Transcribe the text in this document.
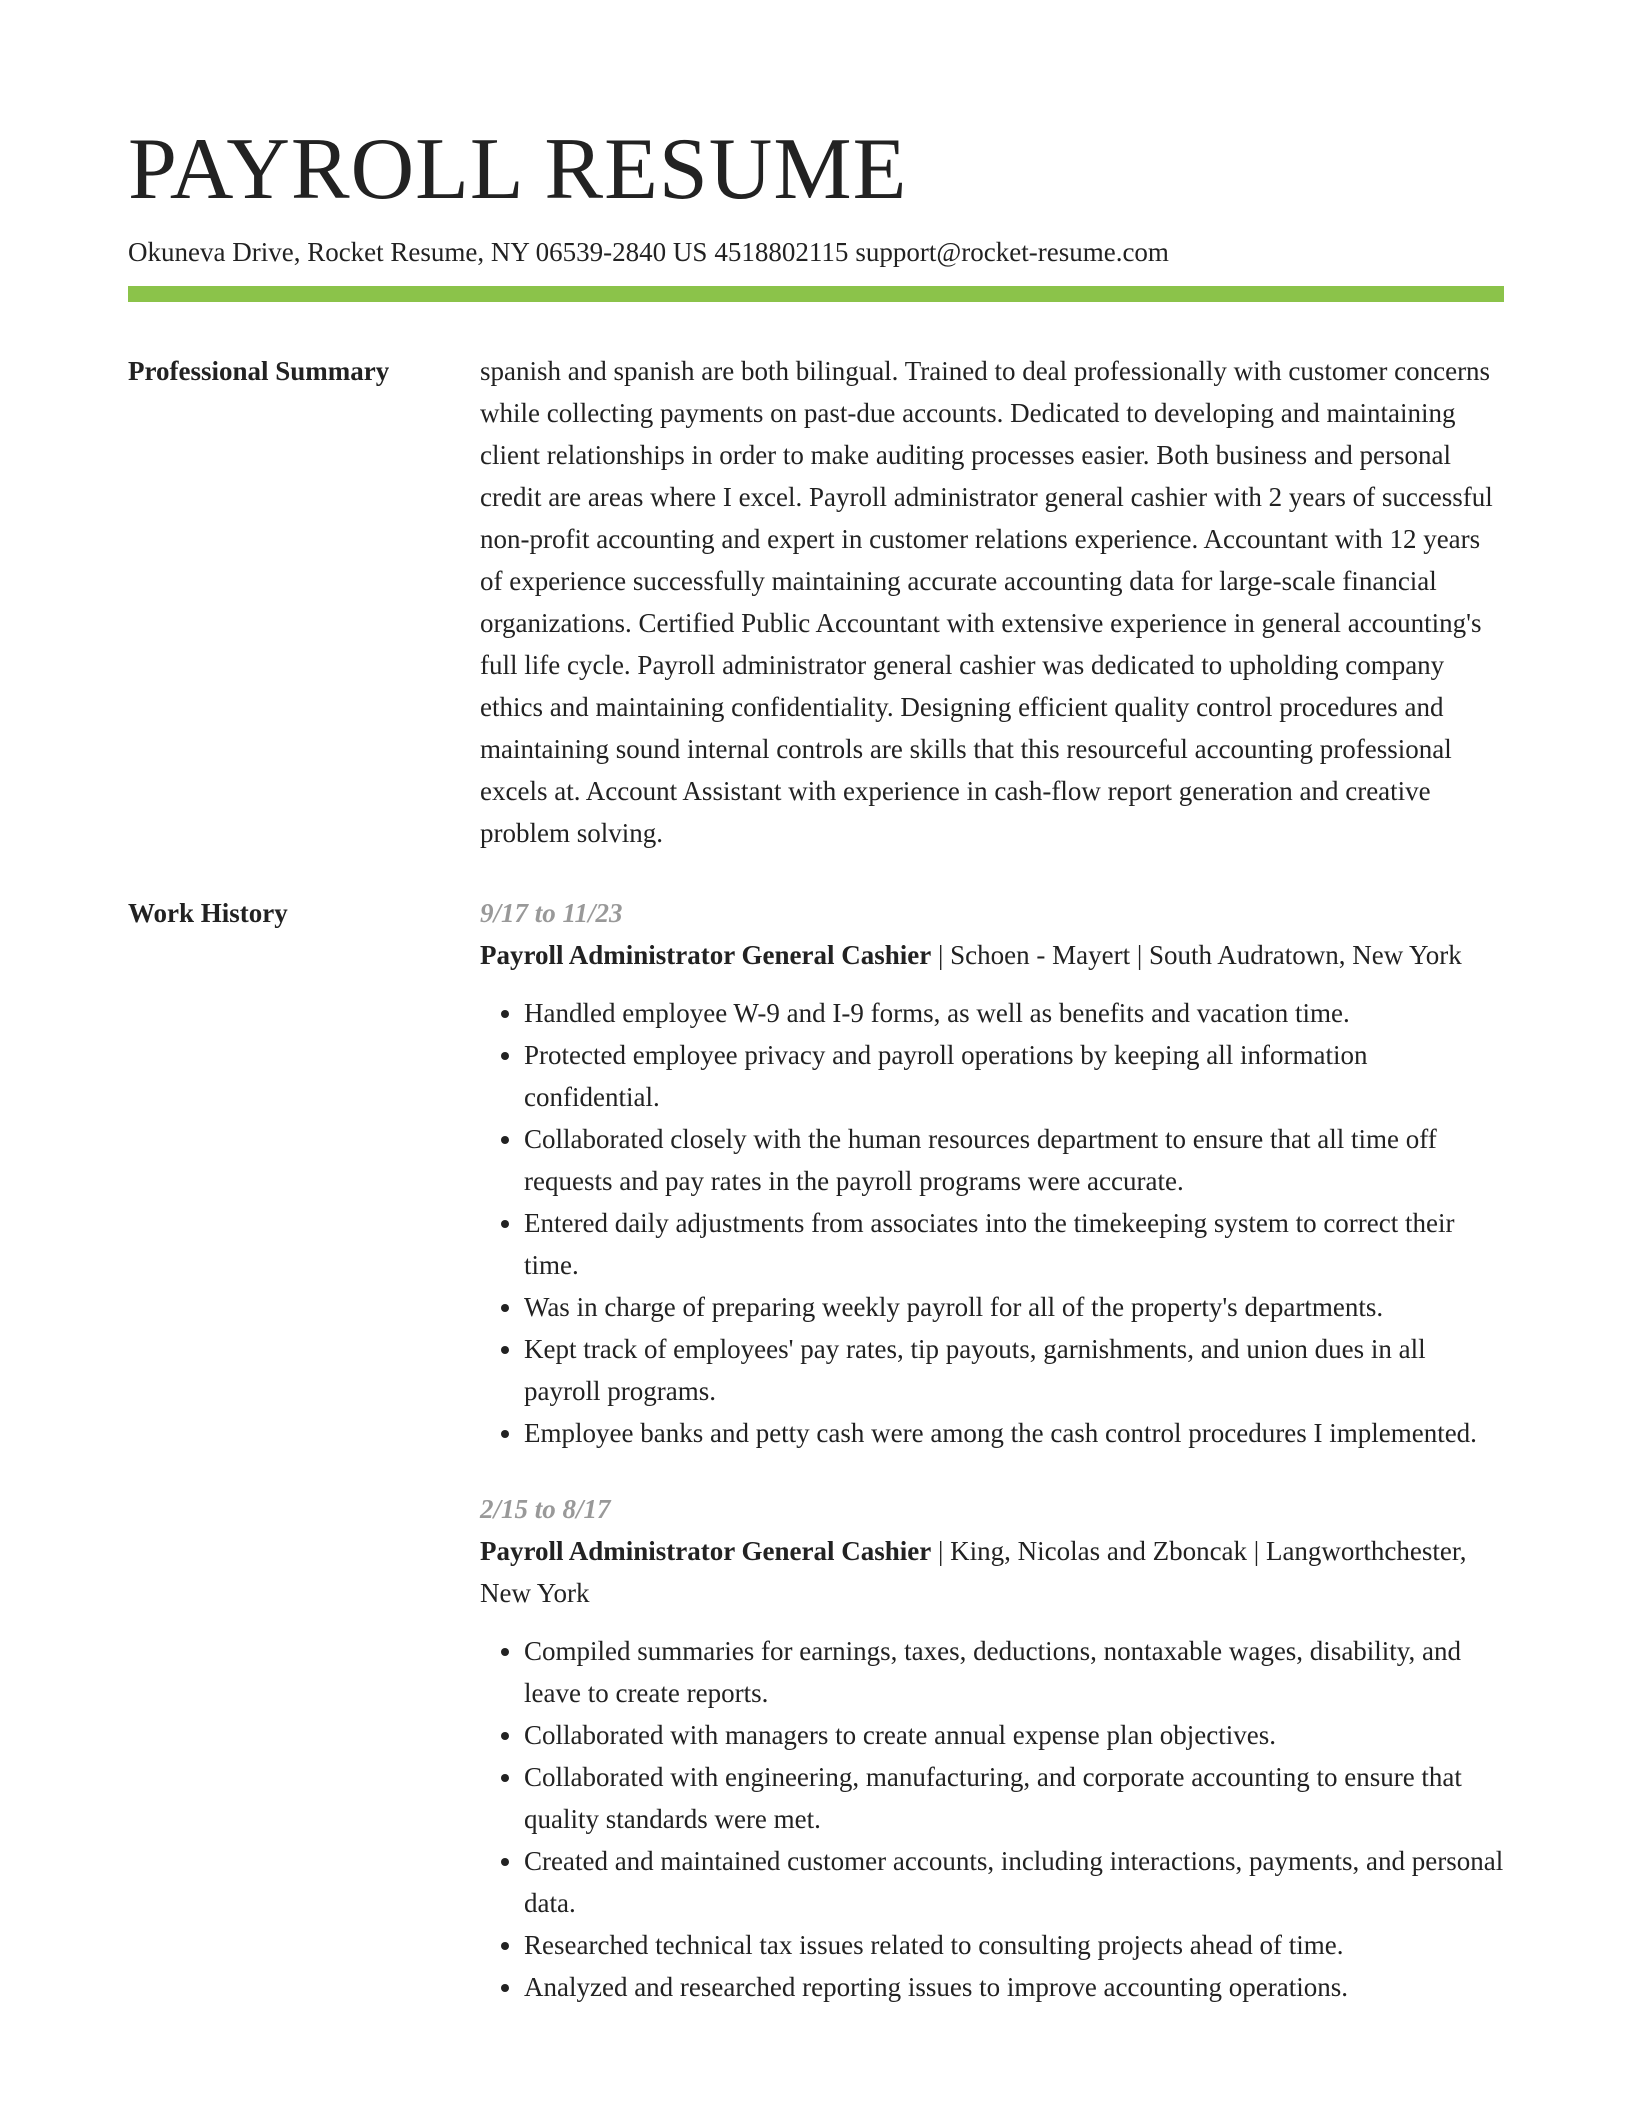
PAYROLL RESUME
Okuneva Drive, Rocket Resume, NY 06539-2840 US 4518802115 support@rocket-resume.com
Professional Summary	spanish and spanish are both bilingual. Trained to deal professionally with customer concerns while collecting payments on past-due accounts. Dedicated to developing and maintaining client relationships in order to make auditing processes easier. Both business and personal credit are areas where I excel. Payroll administrator general cashier with 2 years of successful non-profit accounting and expert in customer relations experience. Accountant with 12 years of experience successfully maintaining accurate accounting data for large-scale financial organizations. Certified Public Accountant with extensive experience in general accounting's full life cycle. Payroll administrator general cashier was dedicated to upholding company ethics and maintaining confidentiality. Designing efficient quality control procedures and maintaining sound internal controls are skills that this resourceful accounting professional excels at. Account Assistant with experience in cash-flow report generation and creative problem solving.

Work History	9/17 to 11/23

Payroll Administrator General Cashier | Schoen - Mayert | South Audratown, New York

• Handled employee W-9 and I-9 forms, as well as benefits and vacation time.
• Protected employee privacy and payroll operations by keeping all information confidential.
• Collaborated closely with the human resources department to ensure that all time off requests and pay rates in the payroll programs were accurate.
• Entered daily adjustments from associates into the timekeeping system to correct their time.
• Was in charge of preparing weekly payroll for all of the property's departments.
• Kept track of employees' pay rates, tip payouts, garnishments, and union dues in all payroll programs.
• Employee banks and petty cash were among the cash control procedures I implemented.

2/15 to 8/17

Payroll Administrator General Cashier | King, Nicolas and Zboncak | Langworthchester, New York

• Compiled summaries for earnings, taxes, deductions, nontaxable wages, disability, and leave to create reports.
• Collaborated with managers to create annual expense plan objectives.
• Collaborated with engineering, manufacturing, and corporate accounting to ensure that quality standards were met.
• Created and maintained customer accounts, including interactions, payments, and personal data.
• Researched technical tax issues related to consulting projects ahead of time.
• Analyzed and researched reporting issues to improve accounting operations.
